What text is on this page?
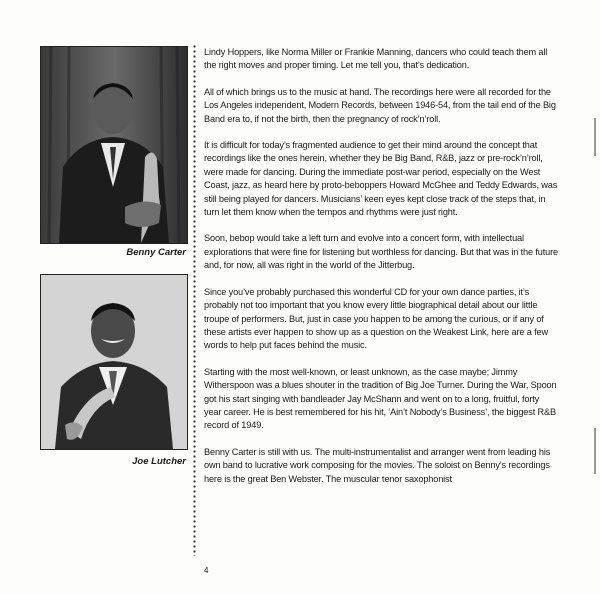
Benny Carter
Joe Lutcher

Lindy Hoppers, like Norma Miller or Frankie Manning, dancers who could teach them all the right moves and proper timing. Let me tell you, that’s dedication.

All of which brings us to the music at hand. The recordings here were all recorded for the Los Angeles independent, Modern Records, between 1946-54, from the tail end of the Big Band era to, if not the birth, then the pregnancy of rock’n’roll.

It is difficult for today’s fragmented audience to get their mind around the concept that recordings like the ones herein, whether they be Big Band, R&B, jazz or pre-rock’n’roll, were made for dancing. During the immediate post-war period, especially on the West Coast, jazz, as heard here by proto-beboppers Howard McGhee and Teddy Edwards, was still being played for dancers. Musicians’ keen eyes kept close track of the steps that, in turn let them know when the tempos and rhythms were just right.

Soon, bebop would take a left turn and evolve into a concert form, with intellectual explorations that were fine for listening but worthless for dancing. But that was in the future and, for now, all was right in the world of the Jitterbug.

Since you’ve probably purchased this wonderful CD for your own dance parties, it’s probably not too important that you know every little biographical detail about our little troupe of performers. But, just in case you happen to be among the curious, or if any of these artists ever happen to show up as a question on the Weakest Link, here are a few words to help put faces behind the music.

Starting with the most well-known, or least unknown, as the case maybe; Jimmy Witherspoon was a blues shouter in the tradition of Big Joe Turner. During the War, Spoon got his start singing with bandleader Jay McShann and went on to a long, fruitful, forty year career. He is best remembered for his hit, ‘Ain’t Nobody’s Business’, the biggest R&B record of 1949.

Benny Carter is still with us. The multi-instrumentalist and arranger went from leading his own band to lucrative work composing for the movies. The soloist on Benny’s recordings here is the great Ben Webster. The muscular tenor saxophonist

4
